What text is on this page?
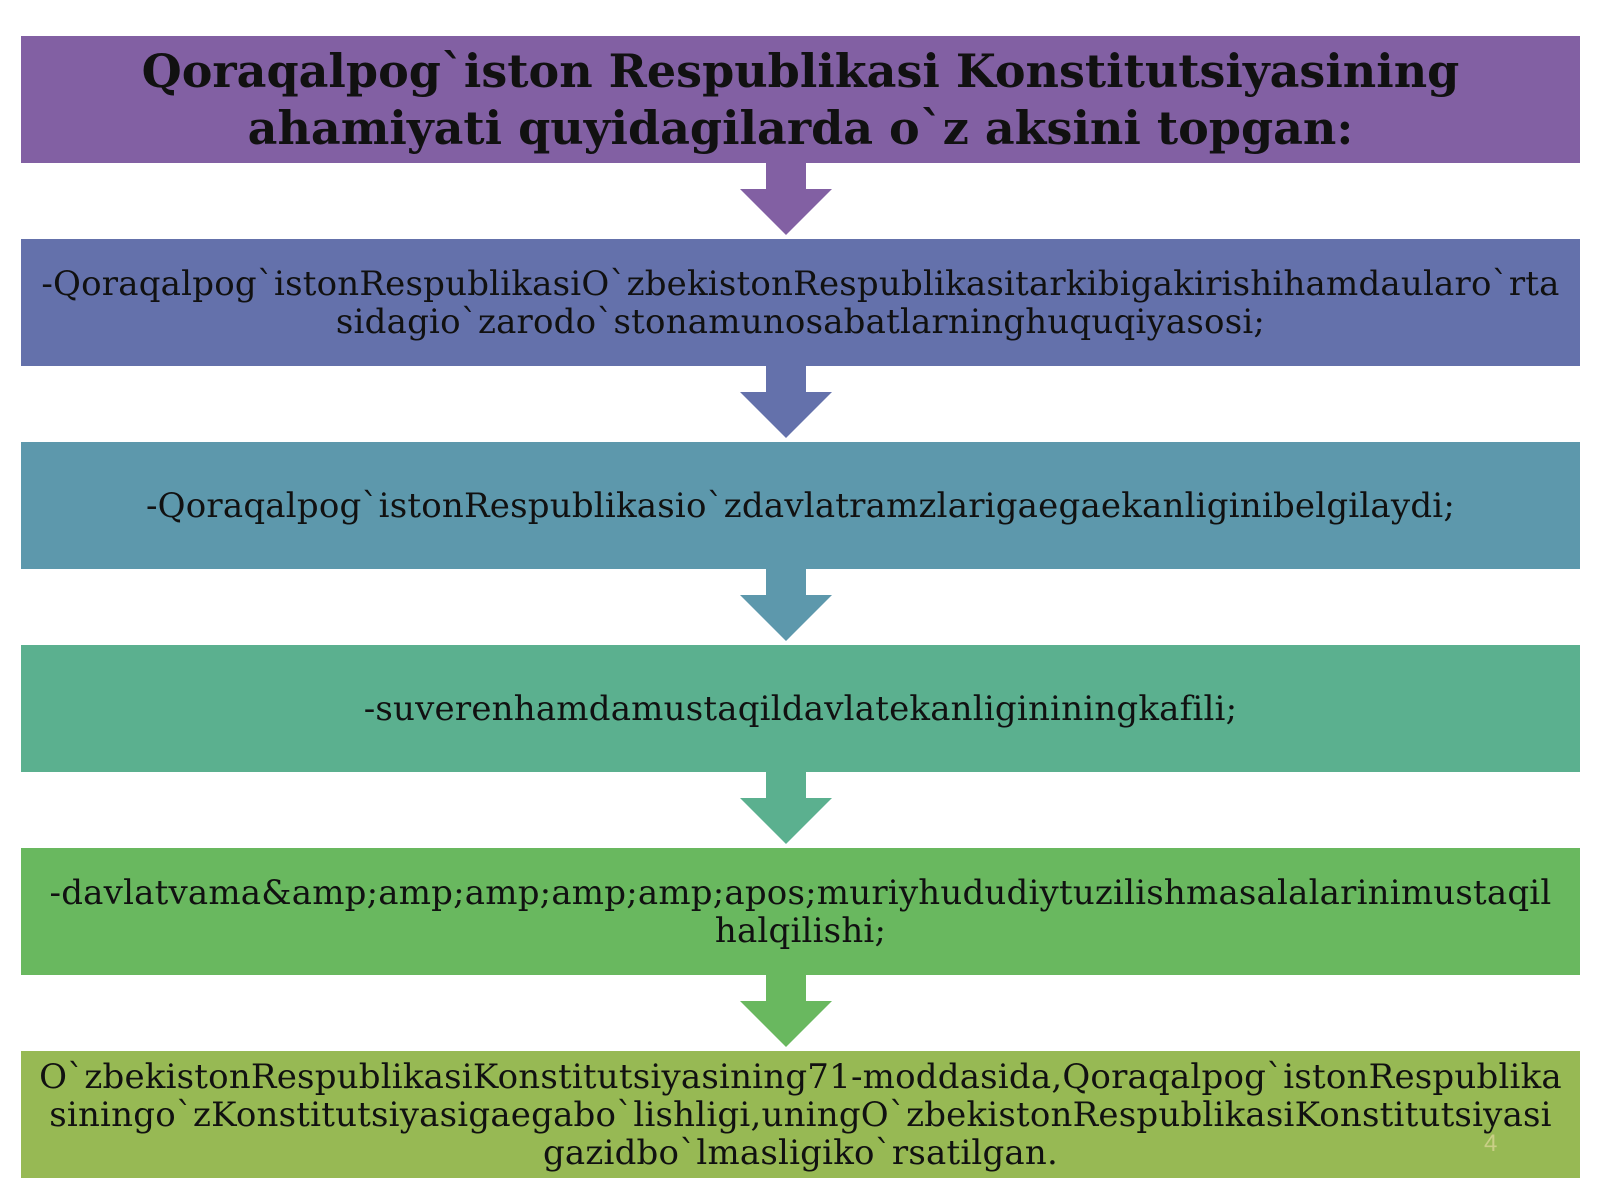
Qoraqalpog`iston Respublikasi Konstitutsiyasining ahamiyati quyidagilarda o`z aksini topgan:
-Qoraqalpog`istonRespublikasiO`zbekistonRespublikasitarkibigakirishihamdaularo`rtasidagio`zarodo`stonamunosabatlarninghuquqiyasosi;
-Qoraqalpog`istonRespublikasio`zdavlatramzlarigaegaekanliginibelgilaydi;
-suverenhamdamustaqildavlatekanligininingkafili;
-davlatvama&amp;amp;amp;amp;amp;apos;muriyhududiytuzilishmasalalarinimustaqilhalqilishi;
O`zbekistonRespublikasiKonstitutsiyasining71-moddasida,Qoraqalpog`istonRespublikasiningo`zKonstitutsiyasigaegabo`lishligi,uningO`zbekistonRespublikasiKonstitutsiyasigazidbo`lmasligiko`rsatilgan.	4
